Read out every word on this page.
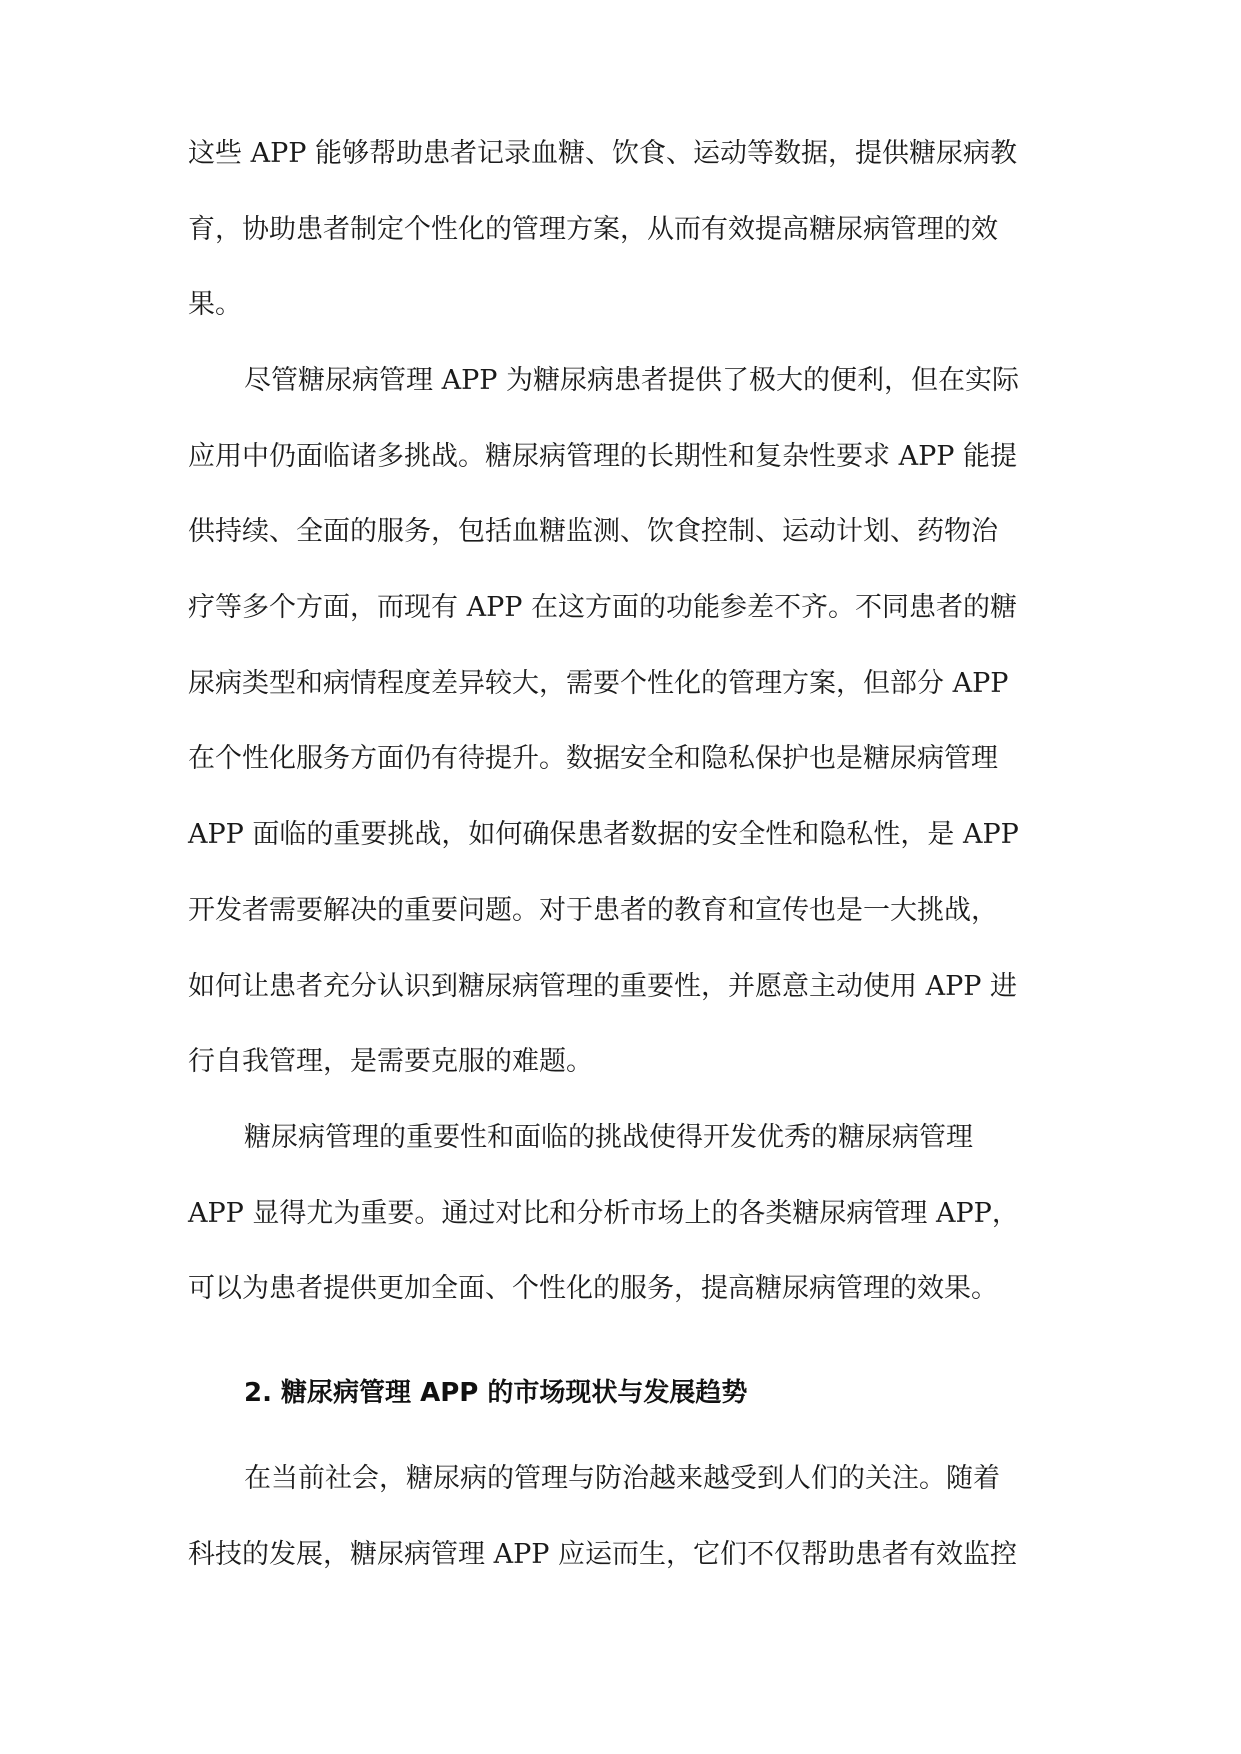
这些 APP 能够帮助患者记录血糖、饮食、运动等数据，提供糖尿病教
育，协助患者制定个性化的管理方案，从而有效提高糖尿病管理的效
果。

尽管糖尿病管理 APP 为糖尿病患者提供了极大的便利，但在实际
应用中仍面临诸多挑战。糖尿病管理的长期性和复杂性要求 APP 能提
供持续、全面的服务，包括血糖监测、饮食控制、运动计划、药物治
疗等多个方面，而现有 APP 在这方面的功能参差不齐。不同患者的糖
尿病类型和病情程度差异较大，需要个性化的管理方案，但部分 APP
在个性化服务方面仍有待提升。数据安全和隐私保护也是糖尿病管理
APP 面临的重要挑战，如何确保患者数据的安全性和隐私性，是 APP
开发者需要解决的重要问题。对于患者的教育和宣传也是一大挑战，
如何让患者充分认识到糖尿病管理的重要性，并愿意主动使用 APP 进
行自我管理，是需要克服的难题。

糖尿病管理的重要性和面临的挑战使得开发优秀的糖尿病管理
APP 显得尤为重要。通过对比和分析市场上的各类糖尿病管理 APP，
可以为患者提供更加全面、个性化的服务，提高糖尿病管理的效果。

2. 糖尿病管理 APP 的市场现状与发展趋势

在当前社会，糖尿病的管理与防治越来越受到人们的关注。随着
科技的发展，糖尿病管理 APP 应运而生，它们不仅帮助患者有效监控
